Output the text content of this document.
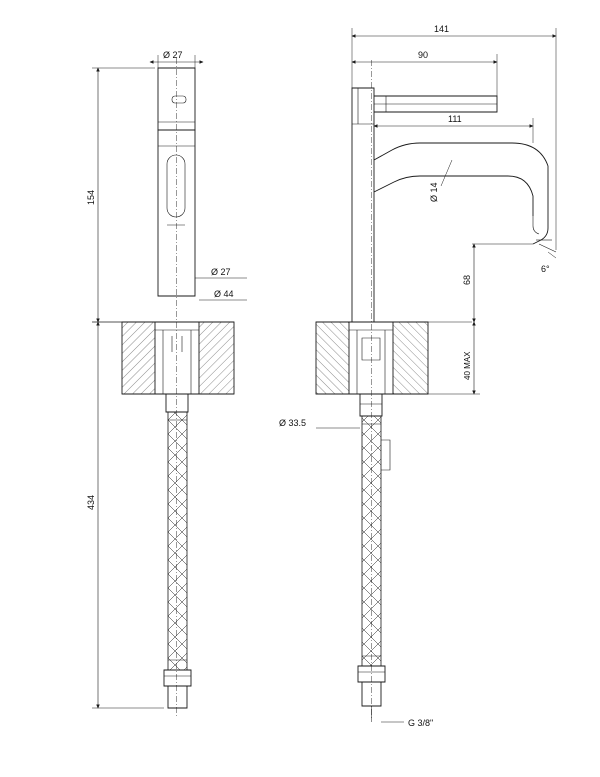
Ø 27
154
434
Ø 27
Ø 44
141
90
111
Ø 14
68
40 MAX
Ø 33.5
6°
G 3/8"
